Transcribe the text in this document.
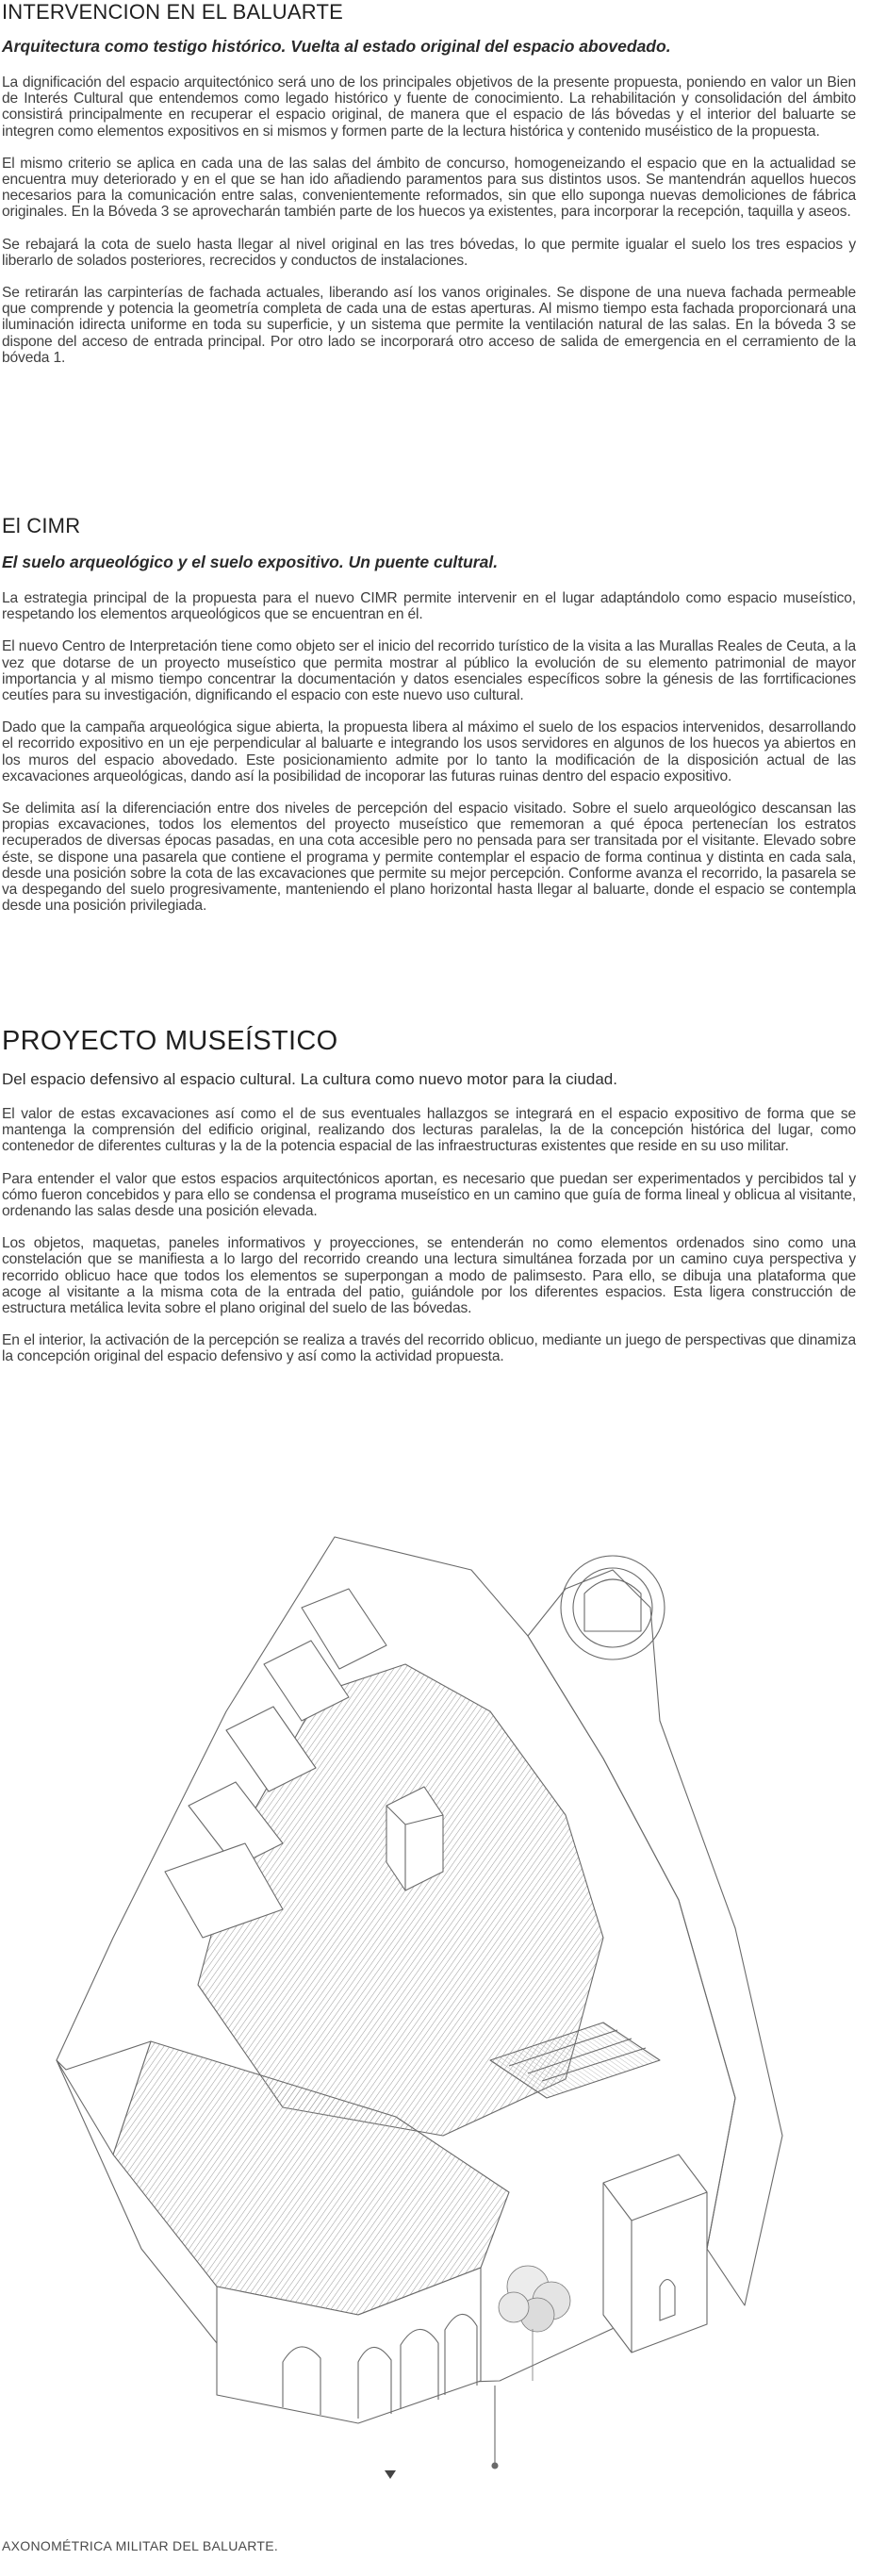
INTERVENCION EN EL BALUARTE

Arquitectura como testigo histórico. Vuelta al estado original del espacio abovedado.

La dignificación del espacio arquitectónico será uno de los principales objetivos de la presente propuesta, poniendo en valor un Bien de Interés Cultural que entendemos como legado histórico y fuente de conocimiento. La rehabilitación y consolidación del ámbito consistirá principalmente en recuperar el espacio original, de manera que el espacio de lás bóvedas y el interior del baluarte se integren como elementos expositivos en si mismos y formen parte de la lectura histórica y contenido muséistico de la propuesta.

El mismo criterio se aplica en cada una de las salas del ámbito de concurso, homogeneizando el espacio que en la actualidad se encuentra muy deteriorado y en el que se han ido añadiendo paramentos para sus distintos usos. Se mantendrán aquellos huecos necesarios para la comunicación entre salas, convenientemente reformados, sin que ello suponga nuevas demoliciones de fábrica originales. En la Bóveda 3 se aprovecharán también parte de los huecos ya existentes, para incorporar la recepción, taquilla y aseos.

Se rebajará la cota de suelo hasta llegar al nivel original en las tres bóvedas, lo que permite igualar el suelo los tres espacios y liberarlo de solados posteriores, recrecidos y conductos de instalaciones.

Se retirarán las carpinterías de fachada actuales, liberando así los vanos originales. Se dispone de una nueva fachada permeable que comprende y potencia la geometría completa de cada una de estas aperturas. Al mismo tiempo esta fachada proporcionará una iluminación idirecta uniforme en toda su superficie, y un sistema que permite la ventilación natural de las salas. En la bóveda 3 se dispone del acceso de entrada principal. Por otro lado se incorporará otro acceso de salida de emergencia en el cerramiento de la bóveda 1.

El CIMR

El suelo arqueológico y el suelo expositivo. Un puente cultural.

La estrategia principal de la propuesta para el nuevo CIMR permite intervenir en el lugar adaptándolo como espacio museístico, respetando los elementos arqueológicos que se encuentran en él.

El nuevo Centro de Interpretación tiene como objeto ser el inicio del recorrido turístico de la visita a las Murallas Reales de Ceuta, a la vez que dotarse de un proyecto museístico que permita mostrar al público la evolución de su elemento patrimonial de mayor importancia y al mismo tiempo concentrar la documentación y datos esenciales específicos sobre la génesis de las forrtificaciones ceutíes para su investigación, dignificando el espacio con este nuevo uso cultural.

Dado que la campaña arqueológica sigue abierta, la propuesta libera al máximo el suelo de los espacios intervenidos, desarrollando el recorrido expositivo en un eje perpendicular al baluarte e integrando los usos servidores en algunos de los huecos ya abiertos en los muros del espacio abovedado. Este posicionamiento admite por lo tanto la modificación de la disposición actual de las excavaciones arqueológicas, dando así la posibilidad de incoporar las futuras ruinas dentro del espacio expositivo.

Se delimita así la diferenciación entre dos niveles de percepción del espacio visitado. Sobre el suelo arqueológico descansan las propias excavaciones, todos los elementos del proyecto museístico que rememoran a qué época pertenecían los estratos recuperados de diversas épocas pasadas, en una cota accesible pero no pensada para ser transitada por el visitante. Elevado sobre éste, se dispone una pasarela que contiene el programa y permite contemplar el espacio de forma continua y distinta en cada sala, desde una posición sobre la cota de las excavaciones que permite su mejor percepción. Conforme avanza el recorrido, la pasarela se va despegando del suelo progresivamente, manteniendo el plano horizontal hasta llegar al baluarte, donde el espacio se contempla desde una posición privilegiada.

PROYECTO MUSEÍSTICO

Del espacio defensivo al espacio cultural. La cultura como nuevo motor para la ciudad.

El valor de estas excavaciones así como el de sus eventuales hallazgos se integrará en el espacio expositivo de forma que se mantenga la comprensión del edificio original, realizando dos lecturas paralelas, la de la concepción histórica del lugar, como contenedor de diferentes culturas y la de la potencia espacial de las infraestructuras existentes que reside en su uso militar.

Para entender el valor que estos espacios arquitectónicos aportan, es necesario que puedan ser experimentados y percibidos tal y cómo fueron concebidos y para ello se condensa el programa museístico en un camino que guía de forma lineal y oblicua al visitante, ordenando las salas desde una posición elevada.

Los objetos, maquetas, paneles informativos y proyecciones, se entenderán no como elementos ordenados sino como una constelación que se manifiesta a lo largo del recorrido creando una lectura simultánea forzada por un camino cuya perspectiva y recorrido oblicuo hace que todos los elementos se superpongan a modo de palimsesto. Para ello, se dibuja una plataforma que acoge al visitante a la misma cota de la entrada del patio, guiándole por los diferentes espacios. Esta ligera construcción de estructura metálica levita sobre el plano original del suelo de las bóvedas.

En el interior, la activación de la percepción se realiza a través del recorrido oblicuo, mediante un juego de perspectivas que dinamiza la concepción original del espacio defensivo y así como la actividad propuesta.

AXONOMÉTRICA MILITAR DEL BALUARTE.
